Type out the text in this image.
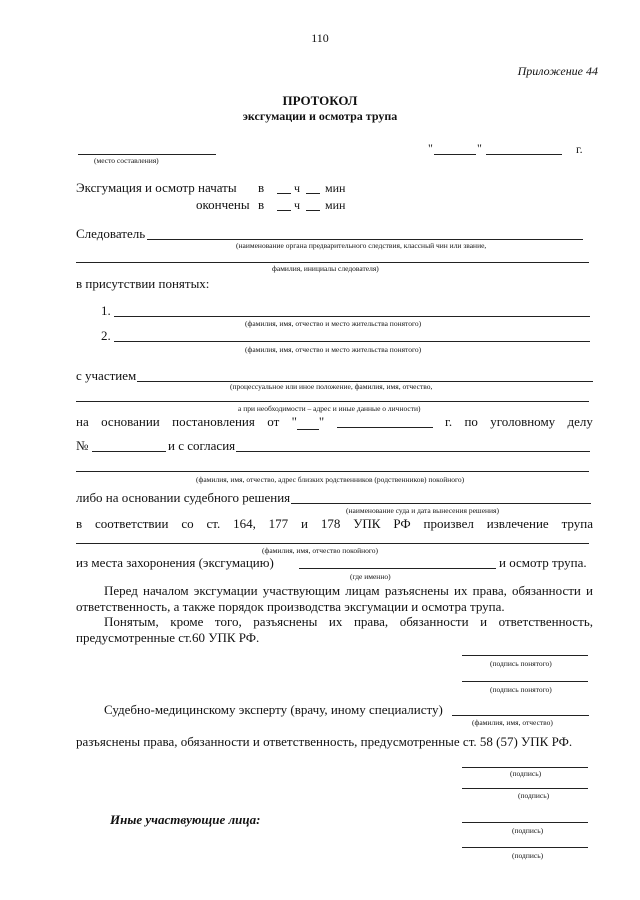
110
Приложение 44
ПРОТОКОЛ
эксгумации и осмотра трупа
(место составления)
"	"	г.
Эксгумация и осмотр начаты в ч мин
окончены в ч мин
Следователь
(наименование органа предварительного следствия, классный чин или звание,
фамилия, инициалы следователя)
в присутствии понятых:
1.
(фамилия, имя, отчество и место жительства понятого)
2.
(фамилия, имя, отчество и место жительства понятого)
с участием
(процессуальное или иное положение, фамилия, имя, отчество,
а при необходимости – адрес и иные данные о личности)
на основании постановления от " "	г. по уголовному делу
№	и с согласия
(фамилия, имя, отчество, адрес близких родственников (родственников) покойного)
либо на основании судебного решения
(наименование суда и дата вынесения решения)
в соответствии со ст. 164, 177 и 178 УПК РФ произвел извлечение трупа
(фамилия, имя, отчество покойного)
из места захоронения (эксгумацию)	и осмотр трупа.
(где именно)
Перед началом эксгумации участвующим лицам разъяснены их права, обязанности и ответственность, а также порядок производства эксгумации и осмотра трупа.
Понятым, кроме того, разъяснены их права, обязанности и ответственность, предусмотренные ст.60 УПК РФ.
(подпись понятого)
(подпись понятого)
Судебно-медицинскому эксперту (врачу, иному специалисту)
(фамилия, имя, отчество)
разъяснены права, обязанности и ответственность, предусмотренные ст. 58 (57) УПК РФ.
(подпись)
(подпись)
Иные участвующие лица:
(подпись)
(подпись)
